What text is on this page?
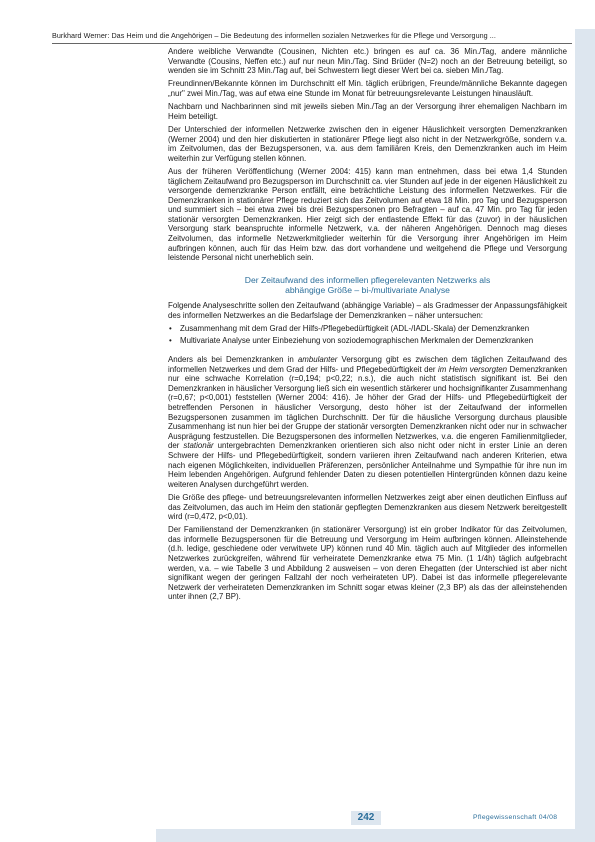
Burkhard Werner: Das Heim und die Angehörigen – Die Bedeutung des informellen sozialen Netzwerkes für die Pflege und Versorgung ...

Andere weibliche Verwandte (Cousinen, Nichten etc.) bringen es auf ca. 36 Min./Tag, andere männliche Verwandte (Cousins, Neffen etc.) auf nur neun Min./Tag. Sind Brüder (N=2) noch an der Betreuung beteiligt, so wenden sie im Schnitt 23 Min./Tag auf, bei Schwestern liegt dieser Wert bei ca. sieben Min./Tag.

Freundinnen/Bekannte können im Durchschnitt elf Min. täglich erübrigen, Freunde/männliche Bekannte dagegen „nur" zwei Min./Tag, was auf etwa eine Stunde im Monat für betreuungsrelevante Leistungen hinausläuft.

Nachbarn und Nachbarinnen sind mit jeweils sieben Min./Tag an der Versorgung ihrer ehemaligen Nachbarn im Heim beteiligt.

Der Unterschied der informellen Netzwerke zwischen den in eigener Häuslichkeit versorgten Demenzkranken (Werner 2004) und den hier diskutierten in stationärer Pflege liegt also nicht in der Netzwerkgröße, sondern v.a. im Zeitvolumen, das der Bezugspersonen, v.a. aus dem familiären Kreis, den Demenzkranken auch im Heim weiterhin zur Verfügung stellen können.

Aus der früheren Veröffentlichung (Werner 2004: 415) kann man entnehmen, dass bei etwa 1,4 Stunden täglichem Zeitaufwand pro Bezugsperson im Durchschnitt ca. vier Stunden auf jede in der eigenen Häuslichkeit zu versorgende demenzkranke Person entfällt, eine beträchtliche Leistung des informellen Netzwerkes. Für die Demenzkranken in stationärer Pflege reduziert sich das Zeitvolumen auf etwa 18 Min. pro Tag und Bezugsperson und summiert sich – bei etwa zwei bis drei Bezugspersonen pro Befragten – auf ca. 47 Min. pro Tag für jeden stationär versorgten Demenzkranken. Hier zeigt sich der entlastende Effekt für das (zuvor) in der häuslichen Versorgung stark beanspruchte informelle Netzwerk, v.a. der näheren Angehörigen. Dennoch mag dieses Zeitvolumen, das informelle Netzwerkmitglieder weiterhin für die Versorgung ihrer Angehörigen im Heim aufbringen können, auch für das Heim bzw. das dort vorhandene und weitgehend die Pflege und Versorgung leistende Personal nicht unerheblich sein.

Der Zeitaufwand des informellen pflegerelevanten Netzwerks als
abhängige Größe – bi-/multivariate Analyse

Folgende Analyseschritte sollen den Zeitaufwand (abhängige Variable) – als Gradmesser der Anpassungsfähigkeit des informellen Netzwerkes an die Bedarfslage der Demenzkranken – näher untersuchen:

• Zusammenhang mit dem Grad der Hilfs-/Pflegebedürftigkeit (ADL-/IADL-Skala) der Demenzkranken
• Multivariate Analyse unter Einbeziehung von soziodemographischen Merkmalen der Demenzkranken

Anders als bei Demenzkranken in ambulanter Versorgung gibt es zwischen dem täglichen Zeitaufwand des informellen Netzwerkes und dem Grad der Hilfs- und Pflegebedürftigkeit der im Heim versorgten Demenzkranken nur eine schwache Korrelation (r=0,194; p<0,22; n.s.), die auch nicht statistisch signifikant ist. Bei den Demenzkranken in häuslicher Versorgung ließ sich ein wesentlich stärkerer und hochsignifikanter Zusammenhang (r=0,67; p<0,001) feststellen (Werner 2004: 416). Je höher der Grad der Hilfs- und Pflegebedürftigkeit der betreffenden Personen in häuslicher Versorgung, desto höher ist der Zeitaufwand der informellen Bezugspersonen zusammen im täglichen Durchschnitt. Der für die häusliche Versorgung durchaus plausible Zusammenhang ist nun hier bei der Gruppe der stationär versorgten Demenzkranken nicht oder nur in schwacher Ausprägung festzustellen. Die Bezugspersonen des informellen Netzwerkes, v.a. die engeren Familienmitglieder, der stationär untergebrachten Demenzkranken orientieren sich also nicht oder nicht in erster Linie an deren Schwere der Hilfs- und Pflegebedürftigkeit, sondern variieren ihren Zeitaufwand nach anderen Kriterien, etwa nach eigenen Möglichkeiten, individuellen Präferenzen, persönlicher Anteilnahme und Sympathie für ihre nun im Heim lebenden Angehörigen. Aufgrund fehlender Daten zu diesen potentiellen Hintergründen können dazu keine weiteren Analysen durchgeführt werden.

Die Größe des pflege- und betreuungsrelevanten informellen Netzwerkes zeigt aber einen deutlichen Einfluss auf das Zeitvolumen, das auch im Heim den stationär gepflegten Demenzkranken aus diesem Netzwerk bereitgestellt wird (r=0,472, p<0,01).

Der Familienstand der Demenzkranken (in stationärer Versorgung) ist ein grober Indikator für das Zeitvolumen, das informelle Bezugspersonen für die Betreuung und Versorgung im Heim aufbringen können. Alleinstehende (d.h. ledige, geschiedene oder verwitwete UP) können rund 40 Min. täglich auch auf Mitglieder des informellen Netzwerkes zurückgreifen, während für verheiratete Demenzkranke etwa 75 Min. (1 1/4h) täglich aufgebracht werden, v.a. – wie Tabelle 3 und Abbildung 2 ausweisen – von deren Ehegatten (der Unterschied ist aber nicht signifikant wegen der geringen Fallzahl der noch verheirateten UP). Dabei ist das informelle pflegerelevante Netzwerk der verheirateten Demenzkranken im Schnitt sogar etwas kleiner (2,3 BP) als das der alleinstehenden unter ihnen (2,7 BP).

242	Pflegewissenschaft 04/08
